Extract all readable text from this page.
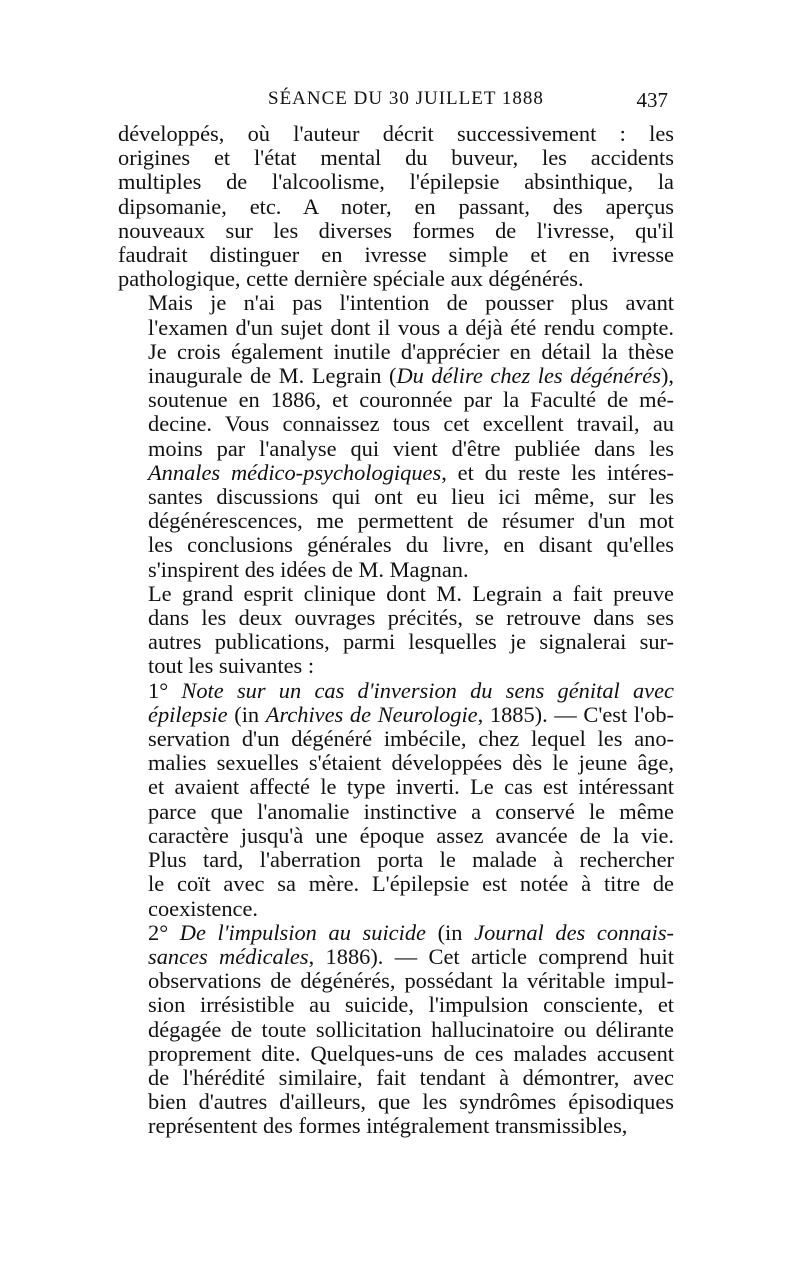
SÉANCE DU 30 JUILLET 1888	437

développés, où l'auteur décrit successivement : les
origines et l'état mental du buveur, les accidents
multiples de l'alcoolisme, l'épilepsie absinthique, la
dipsomanie, etc. A noter, en passant, des aperçus
nouveaux sur les diverses formes de l'ivresse, qu'il
faudrait distinguer en ivresse simple et en ivresse
pathologique, cette dernière spéciale aux dégénérés.

Mais je n'ai pas l'intention de pousser plus avant
l'examen d'un sujet dont il vous a déjà été rendu compte.
Je crois également inutile d'apprécier en détail la thèse
inaugurale de M. Legrain (Du délire chez les dégénérés),
soutenue en 1886, et couronnée par la Faculté de mé-
decine. Vous connaissez tous cet excellent travail, au
moins par l'analyse qui vient d'être publiée dans les
Annales médico-psychologiques, et du reste les intéres-
santes discussions qui ont eu lieu ici même, sur les
dégénérescences, me permettent de résumer d'un mot
les conclusions générales du livre, en disant qu'elles
s'inspirent des idées de M. Magnan.

Le grand esprit clinique dont M. Legrain a fait preuve
dans les deux ouvrages précités, se retrouve dans ses
autres publications, parmi lesquelles je signalerai sur-
tout les suivantes :

1° Note sur un cas d'inversion du sens génital avec
épilepsie (in Archives de Neurologie, 1885). — C'est l'ob-
servation d'un dégénéré imbécile, chez lequel les ano-
malies sexuelles s'étaient développées dès le jeune âge,
et avaient affecté le type inverti. Le cas est intéressant
parce que l'anomalie instinctive a conservé le même
caractère jusqu'à une époque assez avancée de la vie.
Plus tard, l'aberration porta le malade à rechercher
le coït avec sa mère. L'épilepsie est notée à titre de
coexistence.

2° De l'impulsion au suicide (in Journal des connais-
sances médicales, 1886). — Cet article comprend huit
observations de dégénérés, possédant la véritable impul-
sion irrésistible au suicide, l'impulsion consciente, et
dégagée de toute sollicitation hallucinatoire ou délirante
proprement dite. Quelques-uns de ces malades accusent
de l'hérédité similaire, fait tendant à démontrer, avec
bien d'autres d'ailleurs, que les syndrômes épisodiques
représentent des formes intégralement transmissibles,
